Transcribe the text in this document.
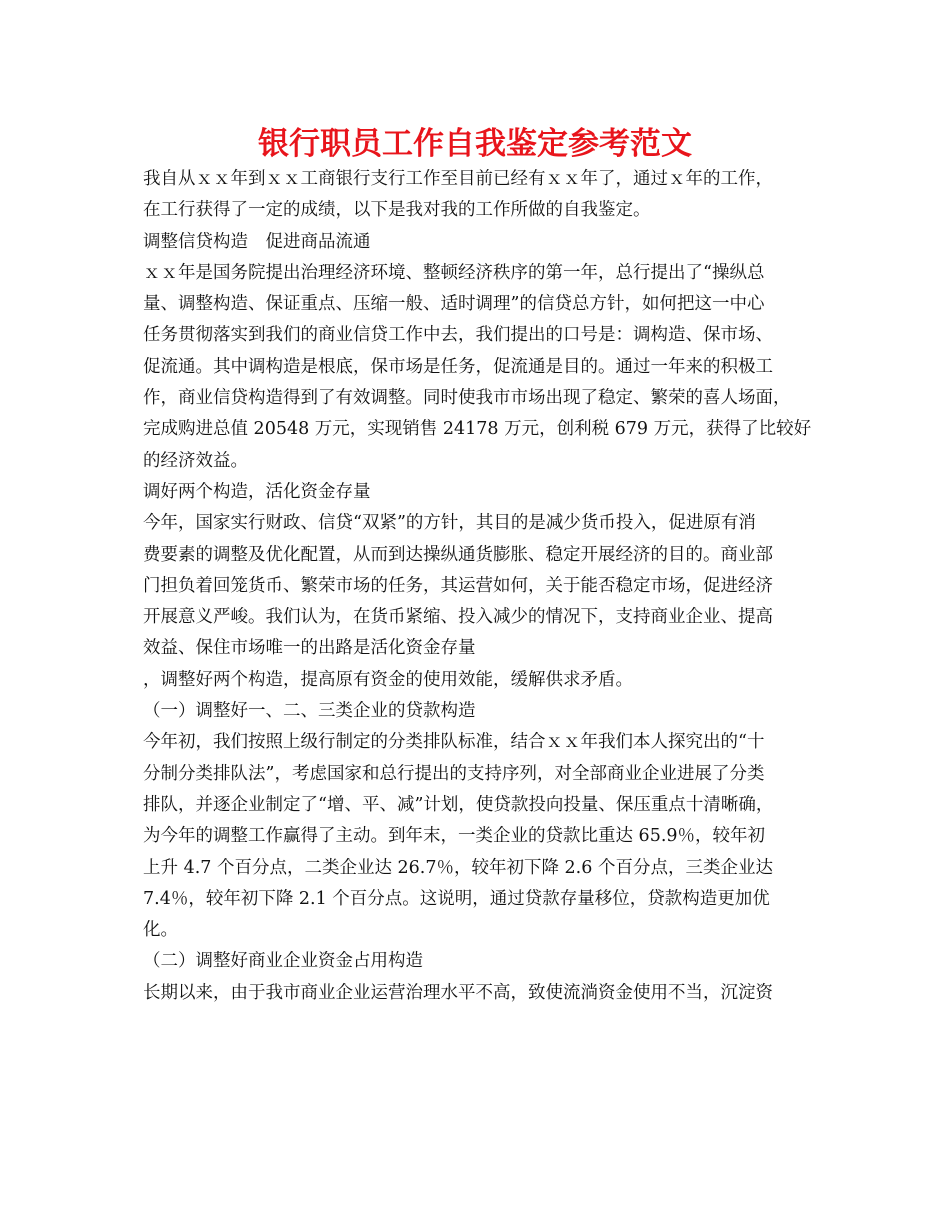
银行职员工作自我鉴定参考范文

我自从ｘｘ年到ｘｘ工商银行支行工作至目前已经有ｘｘ年了，通过ｘ年的工作，

在工行获得了一定的成绩，以下是我对我的工作所做的自我鉴定。

调整信贷构造　促进商品流通

ｘｘ年是国务院提出治理经济环境、整顿经济秩序的第一年，总行提出了“操纵总

量、调整构造、保证重点、压缩一般、适时调理”的信贷总方针，如何把这一中心

任务贯彻落实到我们的商业信贷工作中去，我们提出的口号是：调构造、保市场、

促流通。其中调构造是根底，保市场是任务，促流通是目的。通过一年来的积极工

作，商业信贷构造得到了有效调整。同时使我市市场出现了稳定、繁荣的喜人场面，

完成购进总值 20548 万元，实现销售 24178 万元，创利税 679 万元，获得了比较好

的经济效益。

调好两个构造，活化资金存量

今年，国家实行财政、信贷“双紧”的方针，其目的是减少货币投入，促进原有消

费要素的调整及优化配置，从而到达操纵通货膨胀、稳定开展经济的目的。商业部

门担负着回笼货币、繁荣市场的任务，其运营如何，关于能否稳定市场，促进经济

开展意义严峻。我们认为，在货币紧缩、投入减少的情况下，支持商业企业、提高

效益、保住市场唯一的出路是活化资金存量

，调整好两个构造，提高原有资金的使用效能，缓解供求矛盾。

（一）调整好一、二、三类企业的贷款构造

今年初，我们按照上级行制定的分类排队标准，结合ｘｘ年我们本人探究出的“十

分制分类排队法”，考虑国家和总行提出的支持序列，对全部商业企业进展了分类

排队，并逐企业制定了“增、平、减”计划，使贷款投向投量、保压重点十清晰确，

为今年的调整工作赢得了主动。到年末，一类企业的贷款比重达 65.9％，较年初

上升 4.7 个百分点，二类企业达 26.7％，较年初下降 2.6 个百分点，三类企业达

7.4％，较年初下降 2.1 个百分点。这说明，通过贷款存量移位，贷款构造更加优

化。

（二）调整好商业企业资金占用构造

长期以来，由于我市商业企业运营治理水平不高，致使流淌资金使用不当，沉淀资
